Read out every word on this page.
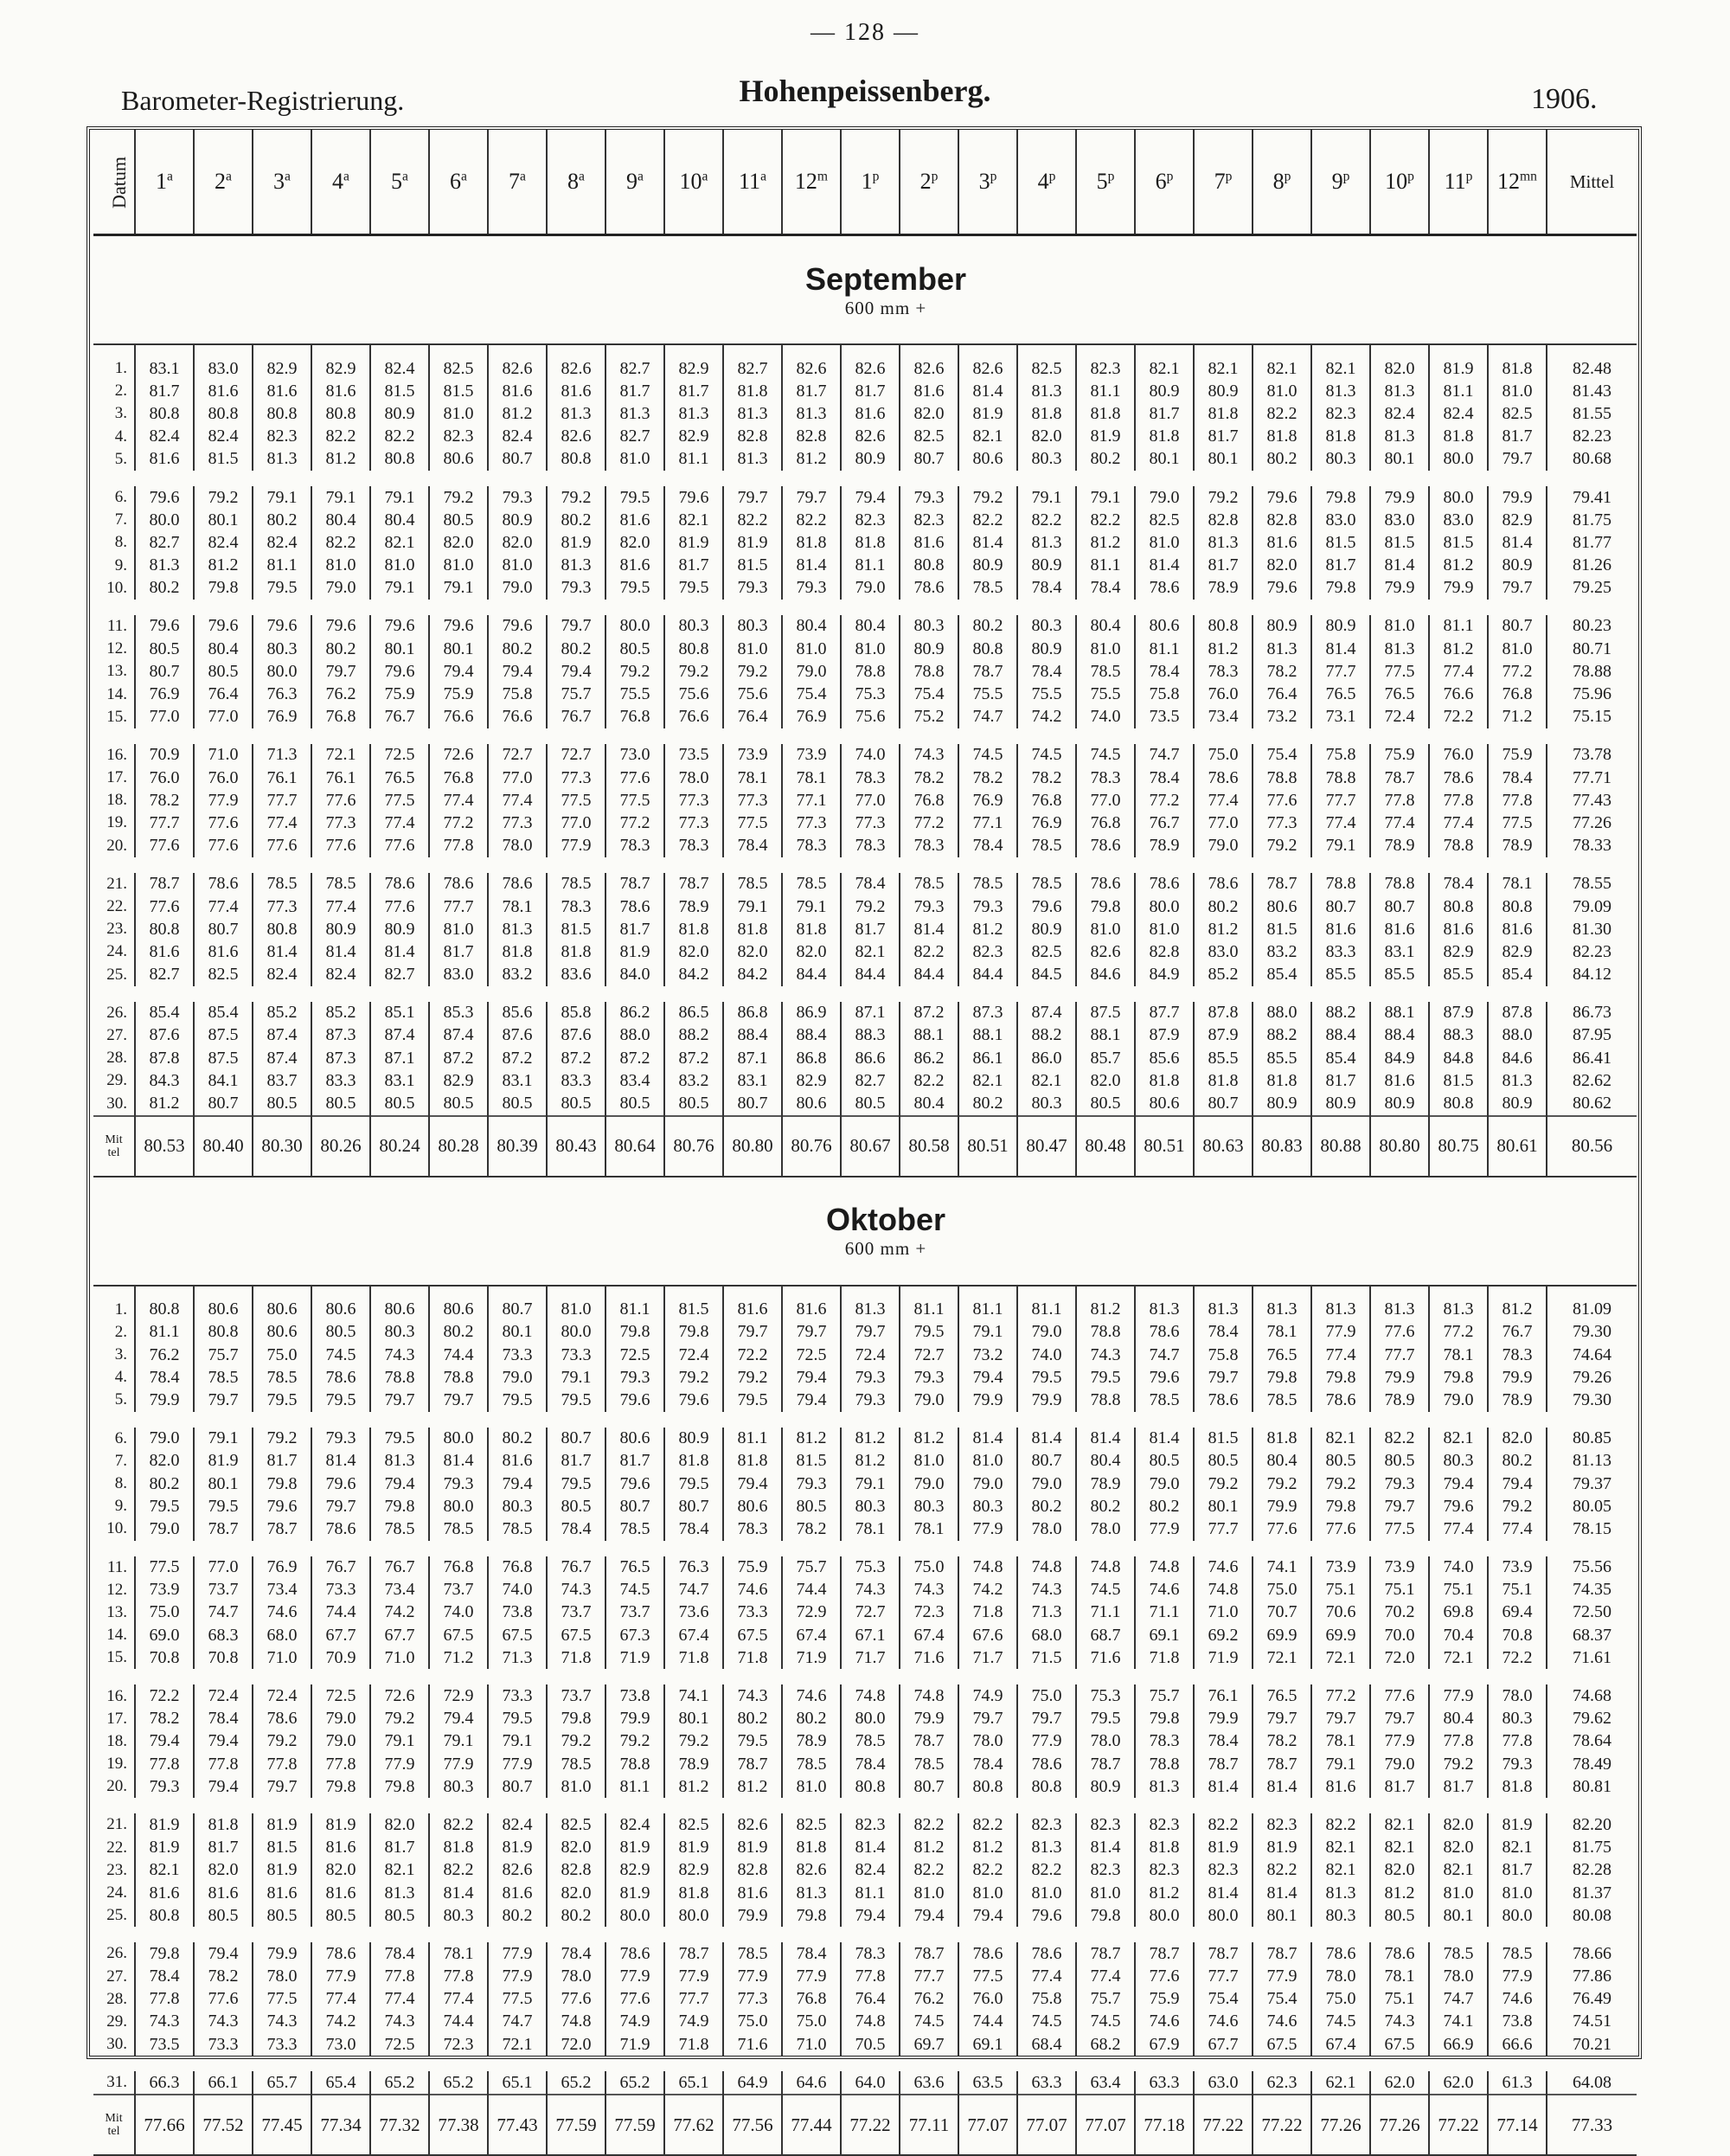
— 128 —
Barometer-Registrierung.	Hohenpeissenberg.	1906.
Datum	1$^a$	2$^a$	3$^a$	4$^a$	5$^a$	6$^a$	7$^a$	8$^a$	9$^a$	10$^a$	11$^a$	12$^m$	1$^p$	2$^p$	3$^p$	4$^p$	5$^p$	6$^p$	7$^p$	8$^p$	9$^p$	10$^p$	11$^p$	$12^{mn}$	Mittel

	September
600 mm +																								

1.	83.1	83.0	82.9	82.9	82.4	82.5	82.6	82.6	82.7	82.9	82.7	82.6	82.6	82.6	82.6	82.5	82.3	82.1	82.1	82.1	82.1	82.0	81.9	81.8	82.48
2.	81.7	81.6	81.6	81.6	81.5	81.5	81.6	81.6	81.7	81.7	81.8	81.7	81.7	81.6	81.4	81.3	81.1	80.9	80.9	81.0	81.3	81.3	81.1	81.0	81.43
3.	80.8	80.8	80.8	80.8	80.9	81.0	81.2	81.3	81.3	81.3	81.3	81.3	81.6	82.0	81.9	81.8	81.8	81.7	81.8	82.2	82.3	82.4	82.4	82.5	81.55
4.	82.4	82.4	82.3	82.2	82.2	82.3	82.4	82.6	82.7	82.9	82.8	82.8	82.6	82.5	82.1	82.0	81.9	81.8	81.7	81.8	81.8	81.3	81.8	81.7	82.23
5.	81.6	81.5	81.3	81.2	80.8	80.6	80.7	80.8	81.0	81.1	81.3	81.2	80.9	80.7	80.6	80.3	80.2	80.1	80.1	80.2	80.3	80.1	80.0	79.7	80.68
6.	79.6	79.2	79.1	79.1	79.1	79.2	79.3	79.2	79.5	79.6	79.7	79.7	79.4	79.3	79.2	79.1	79.1	79.0	79.2	79.6	79.8	79.9	80.0	79.9	79.41
7.	80.0	80.1	80.2	80.4	80.4	80.5	80.9	80.2	81.6	82.1	82.2	82.2	82.3	82.3	82.2	82.2	82.2	82.5	82.8	82.8	83.0	83.0	83.0	82.9	81.75
8.	82.7	82.4	82.4	82.2	82.1	82.0	82.0	81.9	82.0	81.9	81.9	81.8	81.8	81.6	81.4	81.3	81.2	81.0	81.3	81.6	81.5	81.5	81.5	81.4	81.77
9.	81.3	81.2	81.1	81.0	81.0	81.0	81.0	81.3	81.6	81.7	81.5	81.4	81.1	80.8	80.9	80.9	81.1	81.4	81.7	82.0	81.7	81.4	81.2	80.9	81.26
10.	80.2	79.8	79.5	79.0	79.1	79.1	79.0	79.3	79.5	79.5	79.3	79.3	79.0	78.6	78.5	78.4	78.4	78.6	78.9	79.6	79.8	79.9	79.9	79.7	79.25
11.	79.6	79.6	79.6	79.6	79.6	79.6	79.6	79.7	80.0	80.3	80.3	80.4	80.4	80.3	80.2	80.3	80.4	80.6	80.8	80.9	80.9	81.0	81.1	80.7	80.23
12.	80.5	80.4	80.3	80.2	80.1	80.1	80.2	80.2	80.5	80.8	81.0	81.0	81.0	80.9	80.8	80.9	81.0	81.1	81.2	81.3	81.4	81.3	81.2	81.0	80.71
13.	80.7	80.5	80.0	79.7	79.6	79.4	79.4	79.4	79.2	79.2	79.2	79.0	78.8	78.8	78.7	78.4	78.5	78.4	78.3	78.2	77.7	77.5	77.4	77.2	78.88
14.	76.9	76.4	76.3	76.2	75.9	75.9	75.8	75.7	75.5	75.6	75.6	75.4	75.3	75.4	75.5	75.5	75.5	75.8	76.0	76.4	76.5	76.5	76.6	76.8	75.96
15.	77.0	77.0	76.9	76.8	76.7	76.6	76.6	76.7	76.8	76.6	76.4	76.9	75.6	75.2	74.7	74.2	74.0	73.5	73.4	73.2	73.1	72.4	72.2	71.2	75.15
16.	70.9	71.0	71.3	72.1	72.5	72.6	72.7	72.7	73.0	73.5	73.9	73.9	74.0	74.3	74.5	74.5	74.5	74.7	75.0	75.4	75.8	75.9	76.0	75.9	73.78
17.	76.0	76.0	76.1	76.1	76.5	76.8	77.0	77.3	77.6	78.0	78.1	78.1	78.3	78.2	78.2	78.2	78.3	78.4	78.6	78.8	78.8	78.7	78.6	78.4	77.71
18.	78.2	77.9	77.7	77.6	77.5	77.4	77.4	77.5	77.5	77.3	77.3	77.1	77.0	76.8	76.9	76.8	77.0	77.2	77.4	77.6	77.7	77.8	77.8	77.8	77.43
19.	77.7	77.6	77.4	77.3	77.4	77.2	77.3	77.0	77.2	77.3	77.5	77.3	77.3	77.2	77.1	76.9	76.8	76.7	77.0	77.3	77.4	77.4	77.4	77.5	77.26
20.	77.6	77.6	77.6	77.6	77.6	77.8	78.0	77.9	78.3	78.3	78.4	78.3	78.3	78.3	78.4	78.5	78.6	78.9	79.0	79.2	79.1	78.9	78.8	78.9	78.33
21.	78.7	78.6	78.5	78.5	78.6	78.6	78.6	78.5	78.7	78.7	78.5	78.5	78.4	78.5	78.5	78.5	78.6	78.6	78.6	78.7	78.8	78.8	78.4	78.1	78.55
22.	77.6	77.4	77.3	77.4	77.6	77.7	78.1	78.3	78.6	78.9	79.1	79.1	79.2	79.3	79.3	79.6	79.8	80.0	80.2	80.6	80.7	80.7	80.8	80.8	79.09
23.	80.8	80.7	80.8	80.9	80.9	81.0	81.3	81.5	81.7	81.8	81.8	81.8	81.7	81.4	81.2	80.9	81.0	81.0	81.2	81.5	81.6	81.6	81.6	81.6	81.30
24.	81.6	81.6	81.4	81.4	81.4	81.7	81.8	81.8	81.9	82.0	82.0	82.0	82.1	82.2	82.3	82.5	82.6	82.8	83.0	83.2	83.3	83.1	82.9	82.9	82.23
25.	82.7	82.5	82.4	82.4	82.7	83.0	83.2	83.6	84.0	84.2	84.2	84.4	84.4	84.4	84.4	84.5	84.6	84.9	85.2	85.4	85.5	85.5	85.5	85.4	84.12
26.	85.4	85.4	85.2	85.2	85.1	85.3	85.6	85.8	86.2	86.5	86.8	86.9	87.1	87.2	87.3	87.4	87.5	87.7	87.8	88.0	88.2	88.1	87.9	87.8	86.73
27.	87.6	87.5	87.4	87.3	87.4	87.4	87.6	87.6	88.0	88.2	88.4	88.4	88.3	88.1	88.1	88.2	88.1	87.9	87.9	88.2	88.4	88.4	88.3	88.0	87.95
28.	87.8	87.5	87.4	87.3	87.1	87.2	87.2	87.2	87.2	87.2	87.1	86.8	86.6	86.2	86.1	86.0	85.7	85.6	85.5	85.5	85.4	84.9	84.8	84.6	86.41
29.	84.3	84.1	83.7	83.3	83.1	82.9	83.1	83.3	83.4	83.2	83.1	82.9	82.7	82.2	82.1	82.1	82.0	81.8	81.8	81.8	81.7	81.6	81.5	81.3	82.62
30.	81.2	80.7	80.5	80.5	80.5	80.5	80.5	80.5	80.5	80.5	80.7	80.6	80.5	80.4	80.2	80.3	80.5	80.6	80.7	80.9	80.9	80.9	80.8	80.9	80.62
Mit
tel	80.53	80.40	80.30	80.26	80.24	80.28	80.39	80.43	80.64	80.76	80.80	80.76	80.67	80.58	80.51	80.47	80.48	80.51	80.63	80.83	80.88	80.80	80.75	80.61	80.56

	Oktober
600 mm +																								

1.	80.8	80.6	80.6	80.6	80.6	80.6	80.7	81.0	81.1	81.5	81.6	81.6	81.3	81.1	81.1	81.1	81.2	81.3	81.3	81.3	81.3	81.3	81.3	81.2	81.09
2.	81.1	80.8	80.6	80.5	80.3	80.2	80.1	80.0	79.8	79.8	79.7	79.7	79.7	79.5	79.1	79.0	78.8	78.6	78.4	78.1	77.9	77.6	77.2	76.7	79.30
3.	76.2	75.7	75.0	74.5	74.3	74.4	73.3	73.3	72.5	72.4	72.2	72.5	72.4	72.7	73.2	74.0	74.3	74.7	75.8	76.5	77.4	77.7	78.1	78.3	74.64
4.	78.4	78.5	78.5	78.6	78.8	78.8	79.0	79.1	79.3	79.2	79.2	79.4	79.3	79.3	79.4	79.5	79.5	79.6	79.7	79.8	79.8	79.9	79.8	79.9	79.26
5.	79.9	79.7	79.5	79.5	79.7	79.7	79.5	79.5	79.6	79.6	79.5	79.4	79.3	79.0	79.9	79.9	78.8	78.5	78.6	78.5	78.6	78.9	79.0	78.9	79.30
6.	79.0	79.1	79.2	79.3	79.5	80.0	80.2	80.7	80.6	80.9	81.1	81.2	81.2	81.2	81.4	81.4	81.4	81.4	81.5	81.8	82.1	82.2	82.1	82.0	80.85
7.	82.0	81.9	81.7	81.4	81.3	81.4	81.6	81.7	81.7	81.8	81.8	81.5	81.2	81.0	81.0	80.7	80.4	80.5	80.5	80.4	80.5	80.5	80.3	80.2	81.13
8.	80.2	80.1	79.8	79.6	79.4	79.3	79.4	79.5	79.6	79.5	79.4	79.3	79.1	79.0	79.0	79.0	78.9	79.0	79.2	79.2	79.2	79.3	79.4	79.4	79.37
9.	79.5	79.5	79.6	79.7	79.8	80.0	80.3	80.5	80.7	80.7	80.6	80.5	80.3	80.3	80.3	80.2	80.2	80.2	80.1	79.9	79.8	79.7	79.6	79.2	80.05
10.	79.0	78.7	78.7	78.6	78.5	78.5	78.5	78.4	78.5	78.4	78.3	78.2	78.1	78.1	77.9	78.0	78.0	77.9	77.7	77.6	77.6	77.5	77.4	77.4	78.15
11.	77.5	77.0	76.9	76.7	76.7	76.8	76.8	76.7	76.5	76.3	75.9	75.7	75.3	75.0	74.8	74.8	74.8	74.8	74.6	74.1	73.9	73.9	74.0	73.9	75.56
12.	73.9	73.7	73.4	73.3	73.4	73.7	74.0	74.3	74.5	74.7	74.6	74.4	74.3	74.3	74.2	74.3	74.5	74.6	74.8	75.0	75.1	75.1	75.1	75.1	74.35
13.	75.0	74.7	74.6	74.4	74.2	74.0	73.8	73.7	73.7	73.6	73.3	72.9	72.7	72.3	71.8	71.3	71.1	71.1	71.0	70.7	70.6	70.2	69.8	69.4	72.50
14.	69.0	68.3	68.0	67.7	67.7	67.5	67.5	67.5	67.3	67.4	67.5	67.4	67.1	67.4	67.6	68.0	68.7	69.1	69.2	69.9	69.9	70.0	70.4	70.8	68.37
15.	70.8	70.8	71.0	70.9	71.0	71.2	71.3	71.8	71.9	71.8	71.8	71.9	71.7	71.6	71.7	71.5	71.6	71.8	71.9	72.1	72.1	72.0	72.1	72.2	71.61
16.	72.2	72.4	72.4	72.5	72.6	72.9	73.3	73.7	73.8	74.1	74.3	74.6	74.8	74.8	74.9	75.0	75.3	75.7	76.1	76.5	77.2	77.6	77.9	78.0	74.68
17.	78.2	78.4	78.6	79.0	79.2	79.4	79.5	79.8	79.9	80.1	80.2	80.2	80.0	79.9	79.7	79.7	79.5	79.8	79.9	79.7	79.7	79.7	80.4	80.3	79.62
18.	79.4	79.4	79.2	79.0	79.1	79.1	79.1	79.2	79.2	79.2	79.5	78.9	78.5	78.7	78.0	77.9	78.0	78.3	78.4	78.2	78.1	77.9	77.8	77.8	78.64
19.	77.8	77.8	77.8	77.8	77.9	77.9	77.9	78.5	78.8	78.9	78.7	78.5	78.4	78.5	78.4	78.6	78.7	78.8	78.7	78.7	79.1	79.0	79.2	79.3	78.49
20.	79.3	79.4	79.7	79.8	79.8	80.3	80.7	81.0	81.1	81.2	81.2	81.0	80.8	80.7	80.8	80.8	80.9	81.3	81.4	81.4	81.6	81.7	81.7	81.8	80.81
21.	81.9	81.8	81.9	81.9	82.0	82.2	82.4	82.5	82.4	82.5	82.6	82.5	82.3	82.2	82.2	82.3	82.3	82.3	82.2	82.3	82.2	82.1	82.0	81.9	82.20
22.	81.9	81.7	81.5	81.6	81.7	81.8	81.9	82.0	81.9	81.9	81.9	81.8	81.4	81.2	81.2	81.3	81.4	81.8	81.9	81.9	82.1	82.1	82.0	82.1	81.75
23.	82.1	82.0	81.9	82.0	82.1	82.2	82.6	82.8	82.9	82.9	82.8	82.6	82.4	82.2	82.2	82.2	82.3	82.3	82.3	82.2	82.1	82.0	82.1	81.7	82.28
24.	81.6	81.6	81.6	81.6	81.3	81.4	81.6	82.0	81.9	81.8	81.6	81.3	81.1	81.0	81.0	81.0	81.0	81.2	81.4	81.4	81.3	81.2	81.0	81.0	81.37
25.	80.8	80.5	80.5	80.5	80.5	80.3	80.2	80.2	80.0	80.0	79.9	79.8	79.4	79.4	79.4	79.6	79.8	80.0	80.0	80.1	80.3	80.5	80.1	80.0	80.08
26.	79.8	79.4	79.9	78.6	78.4	78.1	77.9	78.4	78.6	78.7	78.5	78.4	78.3	78.7	78.6	78.6	78.7	78.7	78.7	78.7	78.6	78.6	78.5	78.5	78.66
27.	78.4	78.2	78.0	77.9	77.8	77.8	77.9	78.0	77.9	77.9	77.9	77.9	77.8	77.7	77.5	77.4	77.4	77.6	77.7	77.9	78.0	78.1	78.0	77.9	77.86
28.	77.8	77.6	77.5	77.4	77.4	77.4	77.5	77.6	77.6	77.7	77.3	76.8	76.4	76.2	76.0	75.8	75.7	75.9	75.4	75.4	75.0	75.1	74.7	74.6	76.49
29.	74.3	74.3	74.3	74.2	74.3	74.4	74.7	74.8	74.9	74.9	75.0	75.0	74.8	74.5	74.4	74.5	74.5	74.6	74.6	74.6	74.5	74.3	74.1	73.8	74.51
30.	73.5	73.3	73.3	73.0	72.5	72.3	72.1	72.0	71.9	71.8	71.6	71.0	70.5	69.7	69.1	68.4	68.2	67.9	67.7	67.5	67.4	67.5	66.9	66.6	70.21
31.	66.3	66.1	65.7	65.4	65.2	65.2	65.1	65.2	65.2	65.1	64.9	64.6	64.0	63.6	63.5	63.3	63.4	63.3	63.0	62.3	62.1	62.0	62.0	61.3	64.08
Mit
tel	77.66	77.52	77.45	77.34	77.32	77.38	77.43	77.59	77.59	77.62	77.56	77.44	77.22	77.11	77.07	77.07	77.07	77.18	77.22	77.22	77.26	77.26	77.22	77.14	77.33
